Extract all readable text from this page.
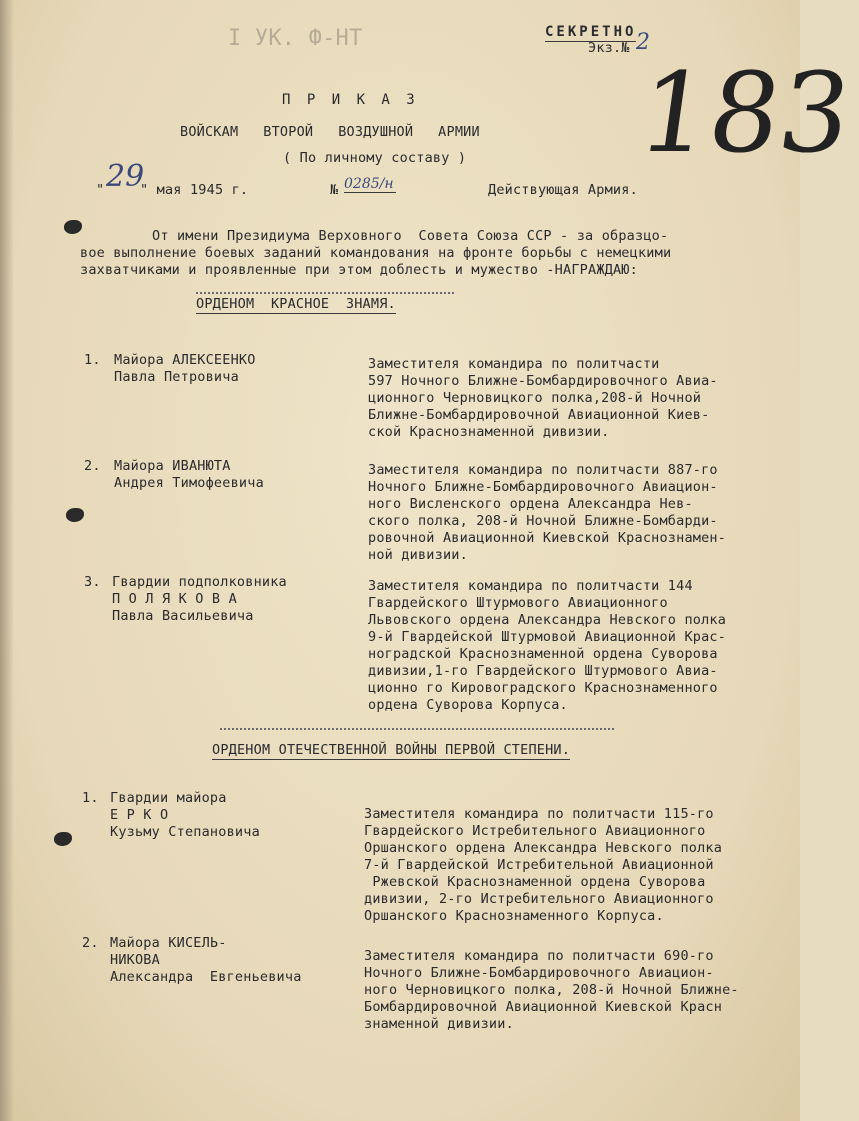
I УК. Ф-НТ	СЕКРЕТНО
Экз.№ 2
183
П Р И К А З
ВОЙСКАМ   ВТОРОЙ   ВОЗДУШНОЙ   АРМИИ
( По личному составу )
" 29
" мая 1945 г.	№ 0285/н	Действующая Армия.
От имени Президиума Верховного  Совета Союза ССР - за образцо-
вое выполнение боевых заданий командования на фронте борьбы с немецкими
захватчиками и проявленные при этом доблесть и мужество -НАГРАЖДАЮ:
ОРДЕНОМ  КРАСНОЕ  ЗНАМЯ.
1. Майора АЛЕКСЕЕНКО
Павла Петровича
Заместителя командира по политчасти
597 Ночного Ближне-Бомбардировочного Авиа-
ционного Черновицкого полка,208-й Ночной
Ближне-Бомбардировочной Авиационной Киев-
ской Краснознаменной дивизии.
2. Майора ИВАНЮТА
Андрея Тимофеевича
Заместителя командира по политчасти 887-го
Ночного Ближне-Бомбардировочного Авиацион-
ного Висленского ордена Александра Нев-
ского полка, 208-й Ночной Ближне-Бомбарди-
ровочной Авиационной Киевской Краснознамен-
ной дивизии.
3. Гвардии подполковника
П О Л Я К О В А
Павла Васильевича
Заместителя командира по политчасти 144
Гвардейского Штурмового Авиационного
Львовского ордена Александра Невского полка
9-й Гвардейской Штурмовой Авиационной Крас-
ноградской Краснознаменной ордена Суворова
дивизии,1-го Гвардейского Штурмового Авиа-
ционно го Кировоградского Краснознаменного
ордена Суворова Корпуса.
ОРДЕНОМ ОТЕЧЕСТВЕННОЙ ВОЙНЫ ПЕРВОЙ СТЕПЕНИ.
1. Гвардии майора
Е Р К О
Кузьму Степановича
Заместителя командира по политчасти 115-го
Гвардейского Истребительного Авиационного
Оршанского ордена Александра Невского полка
7-й Гвардейской Истребительной Авиационной
Ржевской Краснознаменной ордена Суворова
дивизии, 2-го Истребительного Авиационного
Оршанского Краснознаменного Корпуса.
2. Майора КИСЕЛЬ-
НИКОВА
Александра  Евгеньевича
Заместителя командира по политчасти 690-го
Ночного Ближне-Бомбардировочного Авиацион-
ного Черновицкого полка, 208-й Ночной Ближне-
Бомбардировочной Авиационной Киевской Красн
знаменной дивизии.
